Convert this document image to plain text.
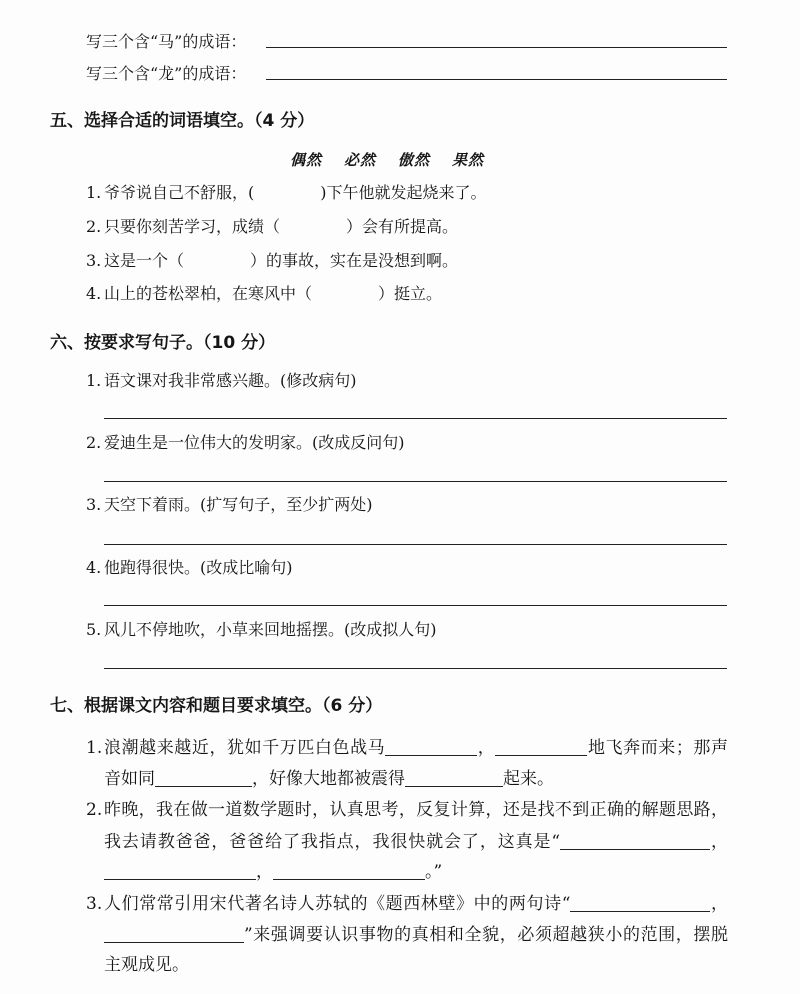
写三个含“马”的成语：
写三个含“龙”的成语：
五、选择合适的词语填空。（4 分）
偶然 必然 傲然 果然
1. 爷爷说自己不舒服，(	)下午他就发起烧来了。
2. 只要你刻苦学习，成绩（	）会有所提高。
3. 这是一个（	）的事故，实在是没想到啊。
4. 山上的苍松翠柏，在寒风中（	）挺立。
六、按要求写句子。（10 分）
1. 语文课对我非常感兴趣。(修改病句)
2. 爱迪生是一位伟大的发明家。(改成反问句)
3. 天空下着雨。(扩写句子，至少扩两处)
4. 他跑得很快。(改成比喻句)
5. 风儿不停地吹，小草来回地摇摆。(改成拟人句)
七、根据课文内容和题目要求填空。（6 分）
1. 浪潮越来越近，犹如千万匹白色战马	，	地飞奔而来；那声
音如同	，好像大地都被震得	起来。
2. 昨晚，我在做一道数学题时，认真思考，反复计算，还是找不到正确的解题思路，
我去请教爸爸，爸爸给了我指点，我很快就会了，这真是“	，
，	。”
3. 人们常常引用宋代著名诗人苏轼的《题西林壁》中的两句诗“	，
”来强调要认识事物的真相和全貌，必须超越狭小的范围，摆脱
主观成见。
